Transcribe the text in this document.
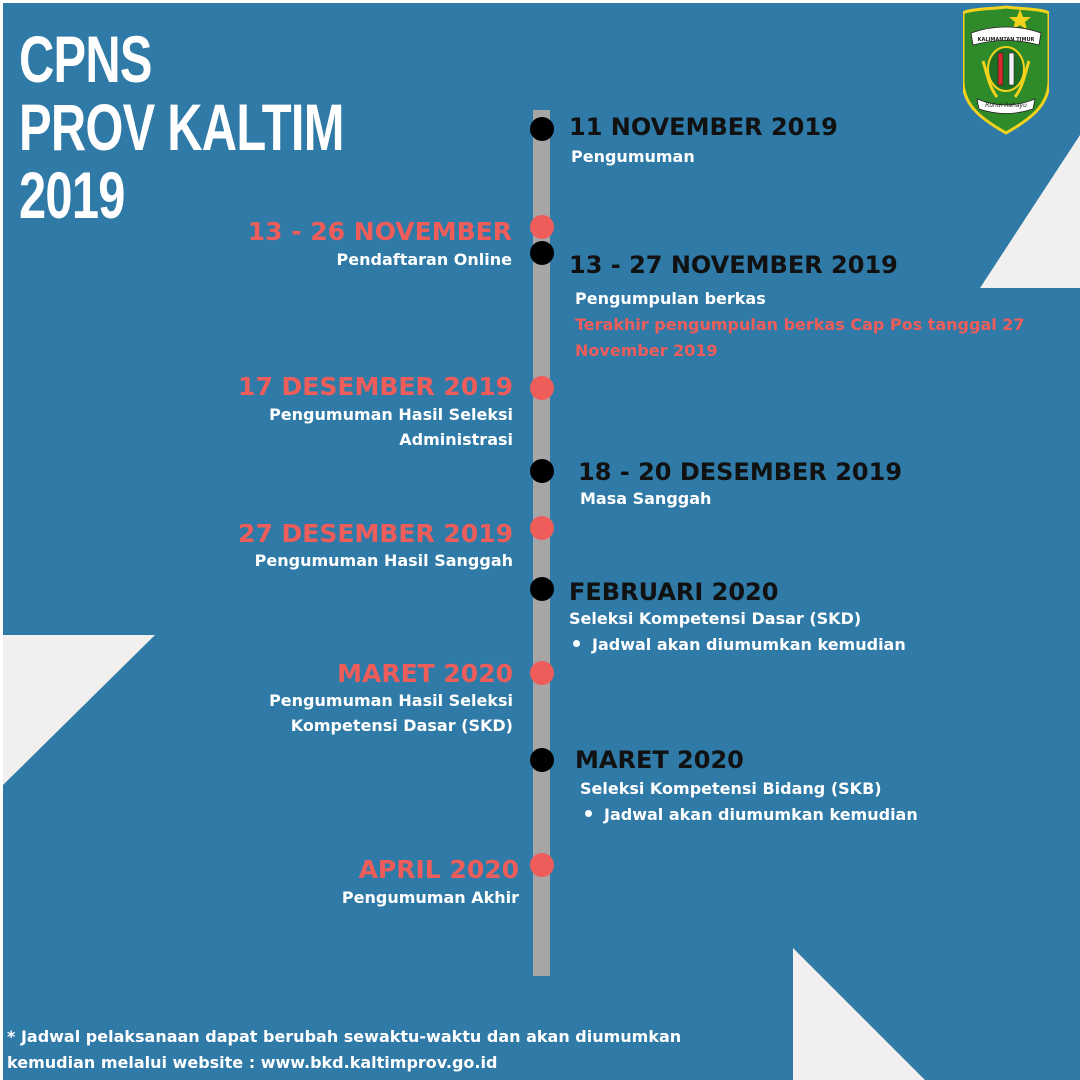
CPNS
PROV KALTIM
2019
KALIMANTAN TIMUR
Ruhui Rahayu
11 NOVEMBER 2019
Pengumuman
13 - 27 NOVEMBER 2019
Pengumpulan berkas
Terakhir pengumpulan berkas Cap Pos tanggal 27 November 2019
18 - 20 DESEMBER 2019
Masa Sanggah
FEBRUARI 2020
Seleksi Kompetensi Dasar (SKD)
Jadwal akan diumumkan kemudian
MARET 2020
Seleksi Kompetensi Bidang (SKB)
Jadwal akan diumumkan kemudian
13 - 26 NOVEMBER
Pendaftaran Online
17 DESEMBER 2019
Pengumuman Hasil Seleksi
Administrasi
27 DESEMBER 2019
Pengumuman Hasil Sanggah
MARET 2020
Pengumuman Hasil Seleksi
Kompetensi Dasar (SKD)
APRIL 2020
Pengumuman Akhir
* Jadwal pelaksanaan dapat berubah sewaktu-waktu dan akan diumumkan
kemudian melalui website : www.bkd.kaltimprov.go.id
